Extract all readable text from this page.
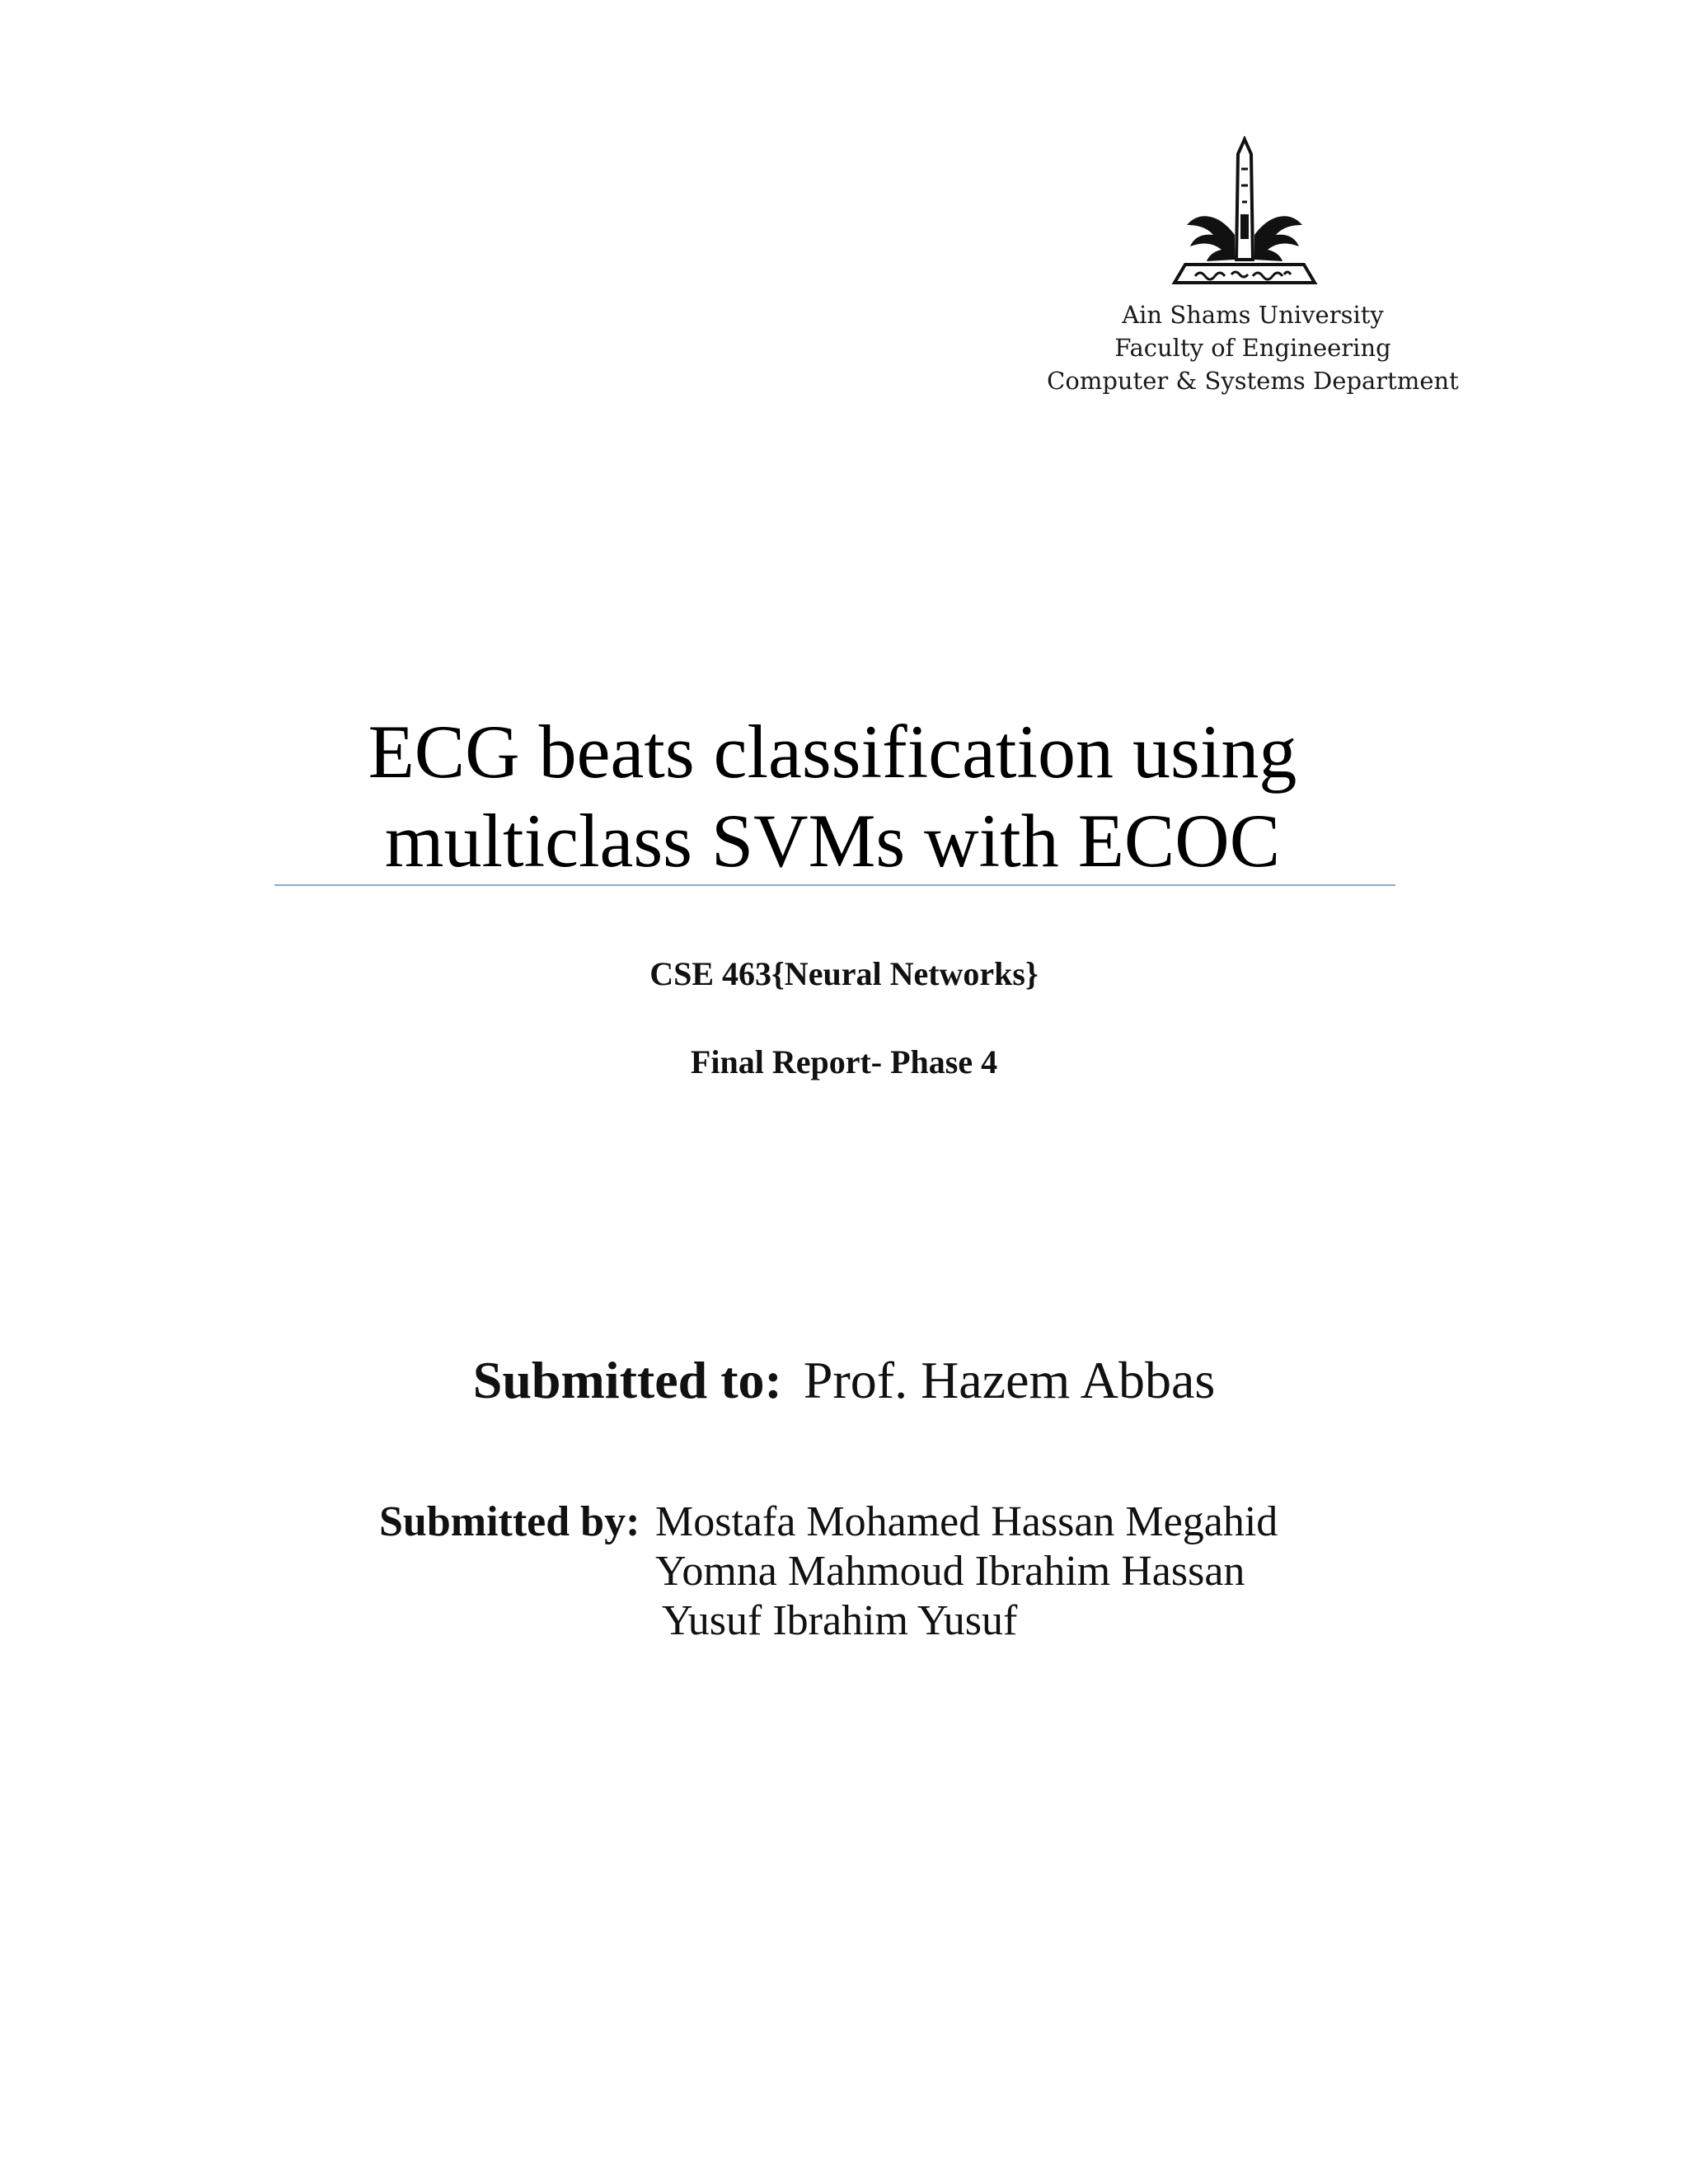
Ain Shams University
Faculty of Engineering
Computer & Systems Department
ECG beats classification using
multiclass SVMs with ECOC
CSE 463{Neural Networks}
Final Report- Phase 4
Submitted to: Prof. Hazem Abbas
Submitted by: Mostafa Mohamed Hassan Megahid
Yomna Mahmoud Ibrahim Hassan
Yusuf Ibrahim Yusuf
